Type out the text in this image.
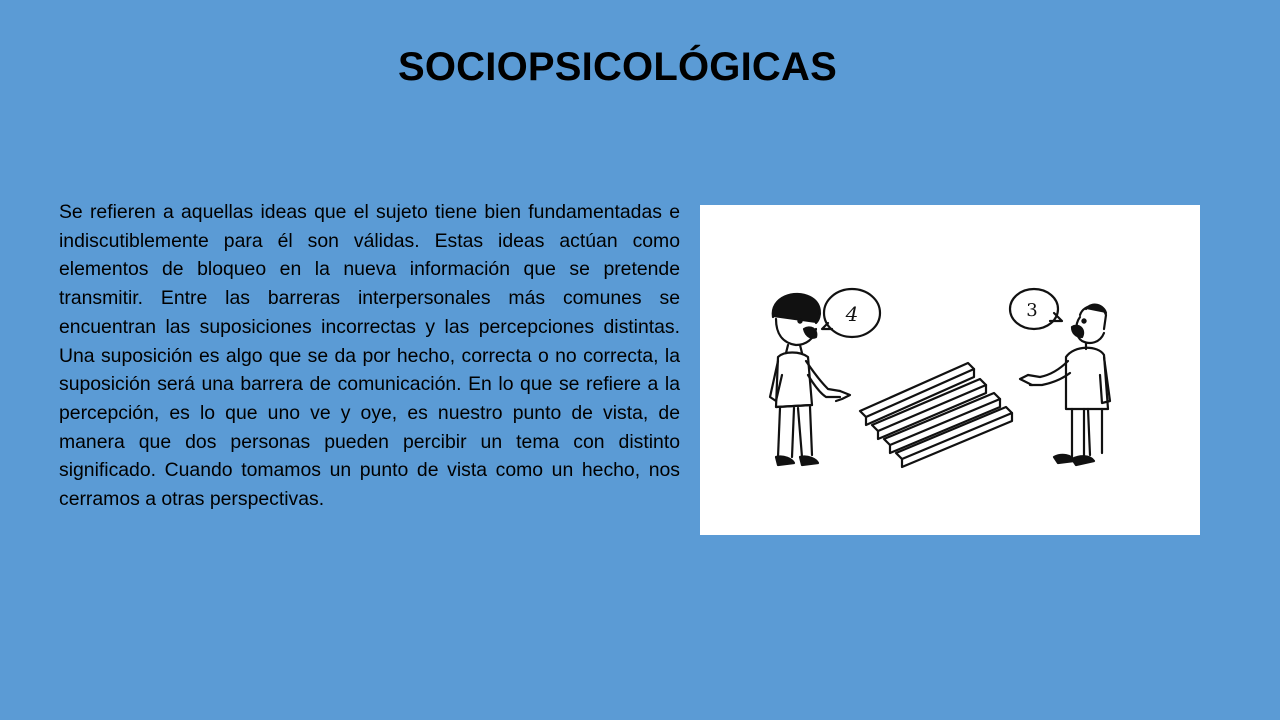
SOCIOPSICOLÓGICAS
Se refieren a aquellas ideas que el sujeto tiene bien fundamentadas e indiscutiblemente para él son válidas. Estas ideas actúan como elementos de bloqueo en la nueva información que se pretende transmitir. Entre las barreras interpersonales más comunes se encuentran las suposiciones incorrectas y las percepciones distintas. Una suposición es algo que se da por hecho, correcta o no correcta, la suposición será una barrera de comunicación. En lo que se refiere a la percepción, es lo que uno ve y oye, es nuestro punto de vista, de manera que dos personas pueden percibir un tema con distinto significado. Cuando tomamos un punto de vista como un hecho, nos cerramos a otras perspectivas.
4	3
